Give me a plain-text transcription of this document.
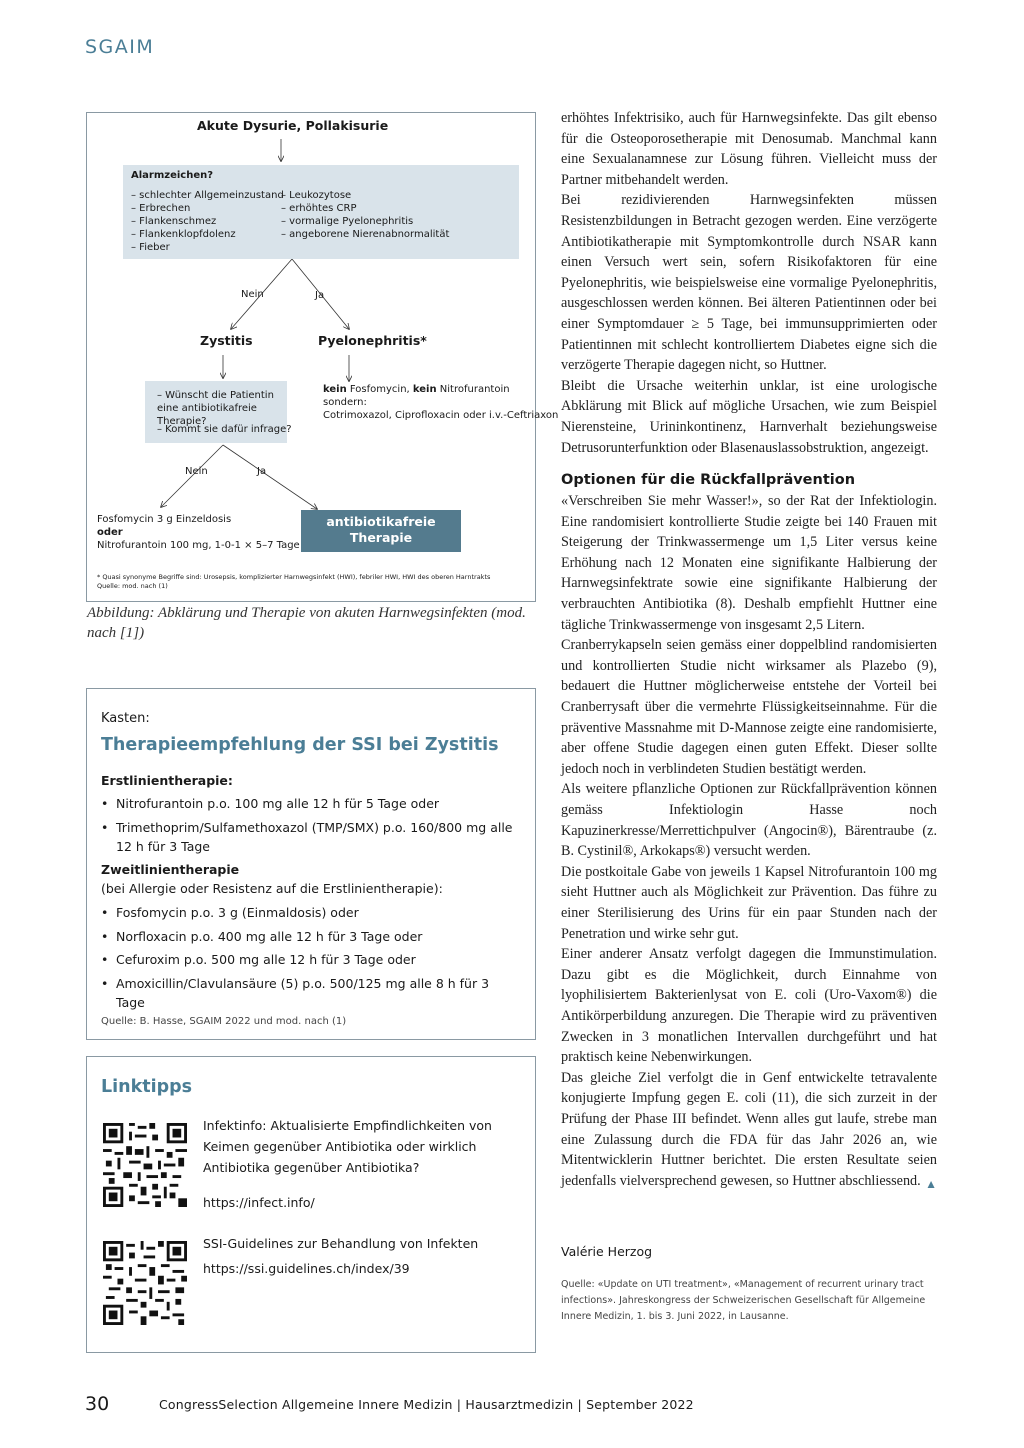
SGAIM
Akute Dysurie, Pollakisurie
Alarmzeichen?
– schlechter Allgemeinzustand
– Erbrechen
– Flankenschmez
– Flankenklopfdolenz
– Fieber
– Leukozytose
– erhöhtes CRP
– vormalige Pyelonephritis
– angeborene Nierenabnormalität
Nein	Ja
Zystitis	Pyelonephritis*
– Wünscht die Patientin eine antibiotikafreie Therapie?
– Kommt sie dafür infrage?
kein Fosfomycin, kein Nitrofurantoin
sondern:
Cotrimoxazol, Ciprofloxacin oder i.v.-Ceftriaxon
Nein	Ja
Fosfomycin 3 g Einzeldosis
oder
Nitrofurantoin 100 mg, 1-0-1 × 5–7 Tage
antibiotikafreie Therapie
* Quasi synonyme Begriffe sind: Urosepsis, komplizierter Harnwegsinfekt (HWI), febriler HWI, HWI des oberen Harntrakts
Quelle: mod. nach (1)
Abbildung: Abklärung und Therapie von akuten Harnwegsinfekten (mod. nach [1])
Kasten:
Therapieempfehlung der SSI bei Zystitis
Erstlinientherapie:
• Nitrofurantoin p.o. 100 mg alle 12 h für 5 Tage oder
• Trimethoprim/Sulfamethoxazol (TMP/SMX) p.o. 160/800 mg alle 12 h für 3 Tage
Zweitlinientherapie
(bei Allergie oder Resistenz auf die Erstlinientherapie):
• Fosfomycin p.o. 3 g (Einmaldosis) oder
• Norfloxacin p.o. 400 mg alle 12 h für 3 Tage oder
• Cefuroxim p.o. 500 mg alle 12 h für 3 Tage oder
• Amoxicillin/Clavulansäure (5) p.o. 500/125 mg alle 8 h für 3 Tage
Quelle: B. Hasse, SGAIM 2022 und mod. nach (1)
Linktipps
Infektinfo: Aktualisierte Empfindlichkeiten von Keimen gegenüber Antibiotika oder wirklich Antibiotika gegenüber Antibiotika?
https://infect.info/
SSI-Guidelines zur Behandlung von Infekten
https://ssi.guidelines.ch/index/39

erhöhtes Infektrisiko, auch für Harnwegsinfekte. Das gilt ebenso für die Osteoporosetherapie mit Denosumab. Manchmal kann eine Sexualanamnese zur Lösung führen. Vielleicht muss der Partner mitbehandelt werden.

Bei rezidivierenden Harnwegsinfekten müssen Resistenzbildungen in Betracht gezogen werden. Eine verzögerte Antibiotikatherapie mit Symptomkontrolle durch NSAR kann einen Versuch wert sein, sofern Risikofaktoren für eine Pyelonephritis, wie beispielsweise eine vormalige Pyelonephritis, ausgeschlossen werden können. Bei älteren Patientinnen oder bei einer Symptomdauer ≥ 5 Tage, bei immunsupprimierten oder Patientinnen mit schlecht kontrolliertem Diabetes eigne sich die verzögerte Therapie dagegen nicht, so Huttner.

Bleibt die Ursache weiterhin unklar, ist eine urologische Abklärung mit Blick auf mögliche Ursachen, wie zum Beispiel Nierensteine, Urininkontinenz, Harnverhalt beziehungsweise Detrusorunterfunktion oder Blasenauslassobstruktion, angezeigt.

Optionen für die Rückfallprävention

«Verschreiben Sie mehr Wasser!», so der Rat der Infektiologin. Eine randomisiert kontrollierte Studie zeigte bei 140 Frauen mit Steigerung der Trinkwassermenge um 1,5 Liter versus keine Erhöhung nach 12 Monaten eine signifikante Halbierung der Harnwegsinfektrate sowie eine signifikante Halbierung der verbrauchten Antibiotika (8). Deshalb empfiehlt Huttner eine tägliche Trinkwassermenge von insgesamt 2,5 Litern.

Cranberrykapseln seien gemäss einer doppelblind randomisierten und kontrollierten Studie nicht wirksamer als Plazebo (9), bedauert die Huttner möglicherweise entstehe der Vorteil bei Cranberrysaft über die vermehrte Flüssigkeitseinnahme. Für die präventive Massnahme mit D-Mannose zeigte eine randomisierte, aber offene Studie dagegen einen guten Effekt. Dieser sollte jedoch noch in verblindeten Studien bestätigt werden.

Als weitere pflanzliche Optionen zur Rückfallprävention können gemäss Infektiologin Hasse noch Kapuzinerkresse/Merrettichpulver (Angocin®), Bärentraube (z. B. Cystinil®, Arkokaps®) versucht werden.

Die postkoitale Gabe von jeweils 1 Kapsel Nitrofurantoin 100 mg sieht Huttner auch als Möglichkeit zur Prävention. Das führe zu einer Sterilisierung des Urins für ein paar Stunden nach der Penetration und wirke sehr gut.

Einer anderer Ansatz verfolgt dagegen die Immunstimulation. Dazu gibt es die Möglichkeit, durch Einnahme von lyophilisiertem Bakterienlysat von E. coli (Uro-Vaxom®) die Antikörperbildung anzuregen. Die Therapie wird zu präventiven Zwecken in 3 monatlichen Intervallen durchgeführt und hat praktisch keine Nebenwirkungen.

Das gleiche Ziel verfolgt die in Genf entwickelte tetravalente konjugierte Impfung gegen E. coli (11), die sich zurzeit in der Prüfung der Phase III befindet. Wenn alles gut laufe, strebe man eine Zulassung durch die FDA für das Jahr 2026 an, wie Mitentwicklerin Huttner berichtet. Die ersten Resultate seien jedenfalls vielversprechend gewesen, so Huttner abschliessend. ▲

Valérie Herzog
Quelle: «Update on UTI treatment», «Management of recurrent urinary tract infections». Jahreskongress der Schweizerischen Gesellschaft für Allgemeine Innere Medizin, 1. bis 3. Juni 2022, in Lausanne.
30	CongressSelection Allgemeine Innere Medizin | Hausarztmedizin | September 2022
